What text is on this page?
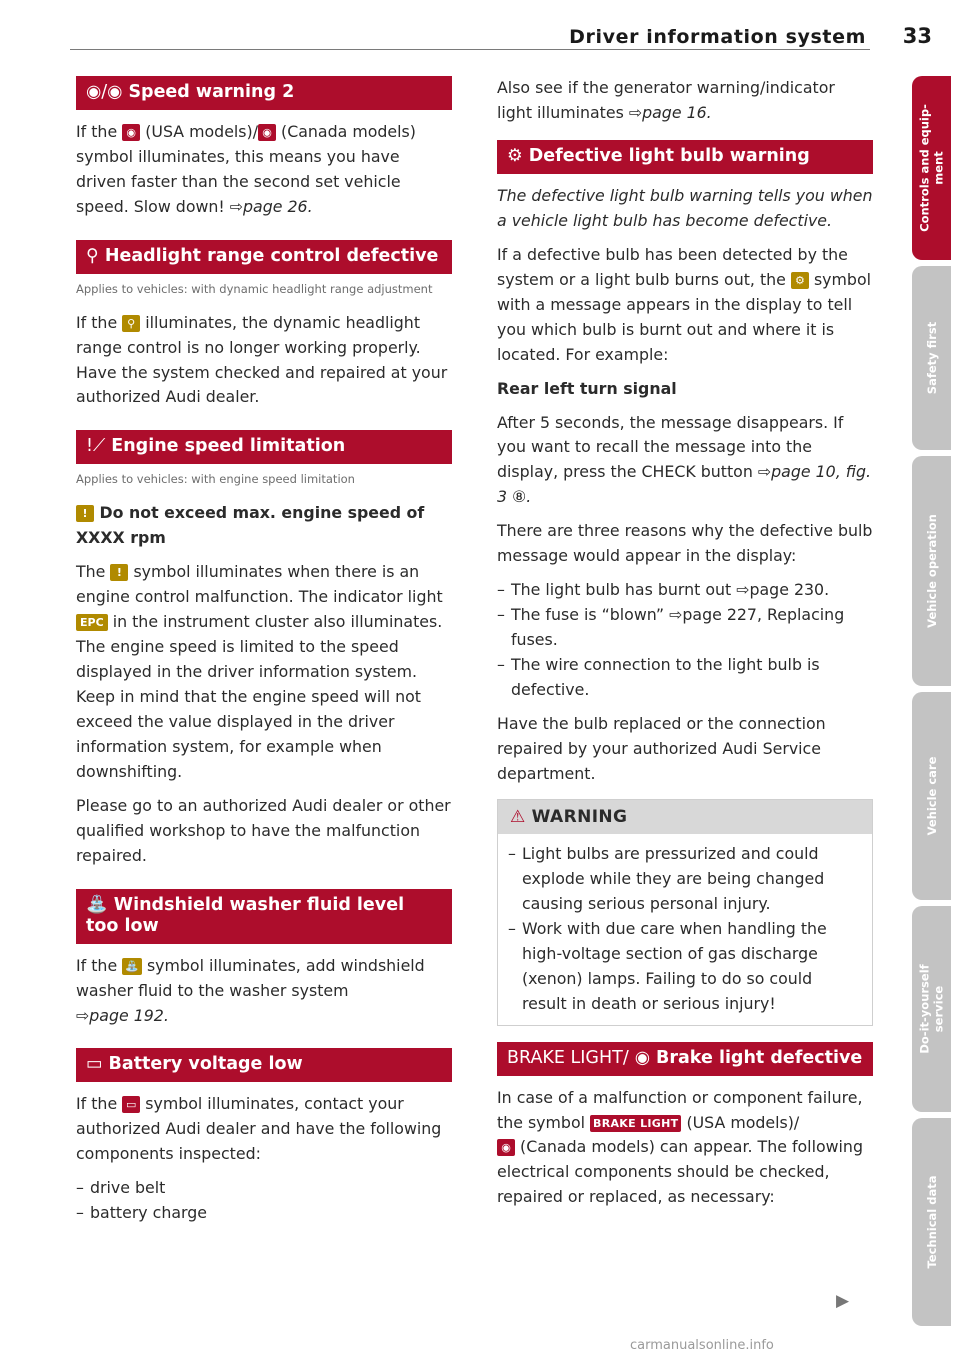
Driver information system 33
◉/◉ Speed warning 2

If the ◉ (USA models)/ ◉ (Canada models) symbol illuminates, this means you have driven faster than the second set vehicle speed. Slow down! ⇨page 26.

⚲ Headlight range control defective
Applies to vehicles: with dynamic headlight range adjustment

If the ⚲ illuminates, the dynamic headlight range control is no longer working properly. Have the system checked and repaired at your authorized Audi dealer.

!⟋ Engine speed limitation
Applies to vehicles: with engine speed limitation

! Do not exceed max. engine speed of XXXX rpm

The ! symbol illuminates when there is an engine control malfunction. The indicator light EPC in the instrument cluster also illuminates. The engine speed is limited to the speed displayed in the driver information system. Keep in mind that the engine speed will not exceed the value displayed in the driver information system, for example when downshifting.

Please go to an authorized Audi dealer or other qualified workshop to have the malfunction repaired.

⛲ Windshield washer fluid level too low

If the ⛲ symbol illuminates, add windshield washer fluid to the washer system
⇨page 192.

▭ Battery voltage low

If the ▭ symbol illuminates, contact your authorized Audi dealer and have the following components inspected:

– drive belt
– battery charge

Also see if the generator warning/indicator light illuminates ⇨page 16.

⚙ Defective light bulb warning

The defective light bulb warning tells you when a vehicle light bulb has become defective.

If a defective bulb has been detected by the system or a light bulb burns out, the ⚙ symbol with a message appears in the display to tell you which bulb is burnt out and where it is located. For example:

Rear left turn signal

After 5 seconds, the message disappears. If you want to recall the message into the display, press the CHECK button ⇨page 10, fig. 3 ⑧.

There are three reasons why the defective bulb message would appear in the display:

– The light bulb has burnt out ⇨page 230.
– The fuse is “blown” ⇨page 227, Replacing fuses.
– The wire connection to the light bulb is defective.

Have the bulb replaced or the connection repaired by your authorized Audi Service department.

⚠ WARNING
– Light bulbs are pressurized and could explode while they are being changed causing serious personal injury.
– Work with due care when handling the high-voltage section of gas discharge (xenon) lamps. Failing to do so could result in death or serious injury!
BRAKE LIGHT/ ◉ Brake light defective

In case of a malfunction or component failure, the symbol BRAKE LIGHT (USA models)/
◉ (Canada models) can appear. The following electrical components should be checked, repaired or replaced, as necessary:

▶
Controls and equip-
ment
Safety first
Vehicle operation
Vehicle care
Do-it-yourself
service
Technical data
carmanualsonline.info
